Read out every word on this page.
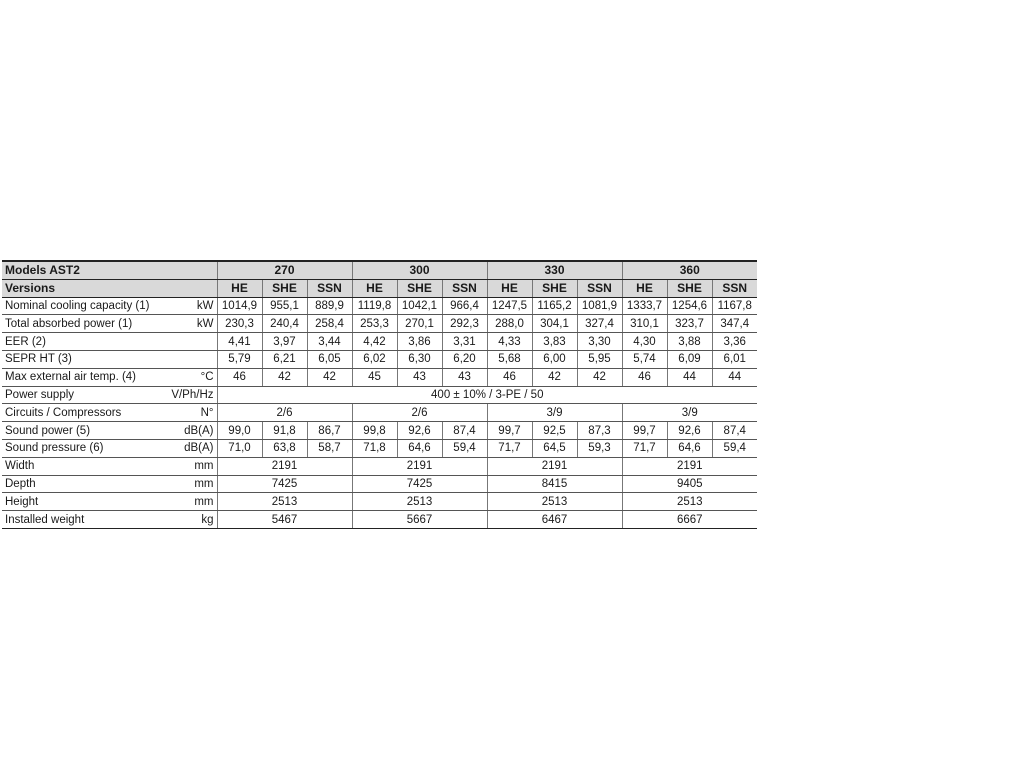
Models AST2	270			300			330			360		
Versions	HE	SHE	SSN	HE	SHE	SSN	HE	SHE	SSN	HE	SHE	SSN

Nominal cooling capacity (1) kW	1014,9	955,1	889,9	1119,8	1042,1	966,4	1247,5	1165,2	1081,9	1333,7	1254,6	1167,8

Total absorbed power (1) kW	230,3	240,4	258,4	253,3	270,1	292,3	288,0	304,1	327,4	310,1	323,7	347,4

EER (2)	4,41	3,97	3,44	4,42	3,86	3,31	4,33	3,83	3,30	4,30	3,88	3,36

SEPR HT (3)	5,79	6,21	6,05	6,02	6,30	6,20	5,68	6,00	5,95	5,74	6,09	6,01

Max external air temp. (4) °C	46	42	42	45	43	43	46	42	42	46	44	44

Power supply V/Ph/Hz	400 ± 10% / 3-PE / 50											

Circuits / Compressors N°	2/6			2/6			3/9			3/9		

Sound power (5) dB(A)	99,0	91,8	86,7	99,8	92,6	87,4	99,7	92,5	87,3	99,7	92,6	87,4

Sound pressure (6) dB(A)	71,0	63,8	58,7	71,8	64,6	59,4	71,7	64,5	59,3	71,7	64,6	59,4

Width mm	2191			2191			2191			2191		

Depth mm	7425			7425			8415			9405		

Height mm	2513			2513			2513			2513		

Installed weight kg	5467			5667			6467			6667		
